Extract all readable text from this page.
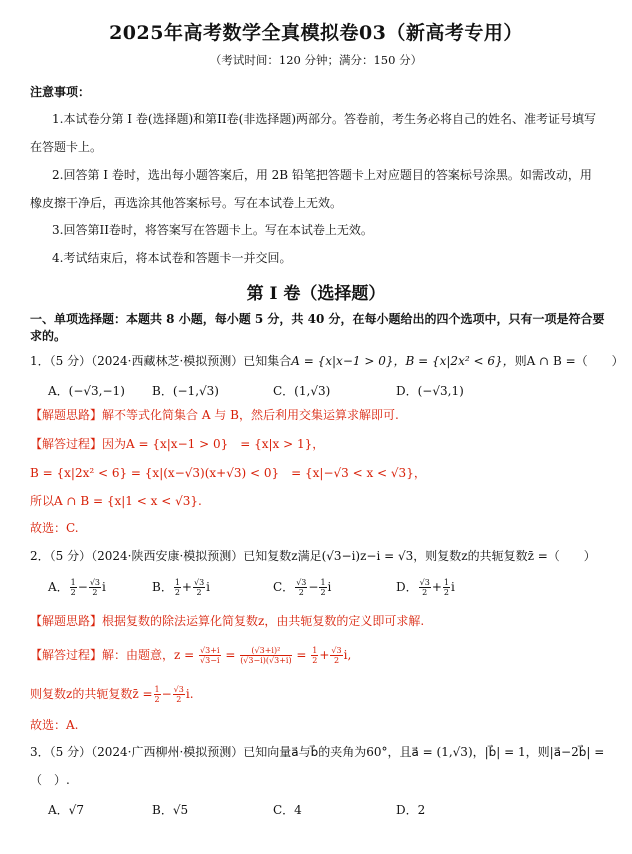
2025年高考数学全真模拟卷03（新高考专用）
（考试时间：120 分钟；满分：150 分）
注意事项：
1.本试卷分第 I 卷(选择题)和第II卷(非选择题)两部分。答卷前，考生务必将自己的姓名、准考证号填写
在答题卡上。
2.回答第 I 卷时，选出每小题答案后，用 2B 铅笔把答题卡上对应题目的答案标号涂黑。如需改动，用
橡皮擦干净后，再选涂其他答案标号。写在本试卷上无效。
3.回答第II卷时，将答案写在答题卡上。写在本试卷上无效。
4.考试结束后，将本试卷和答题卡一并交回。
第 I 卷（选择题）
一、单项选择题：本题共 8 小题，每小题 5 分，共 40 分，在每小题给出的四个选项中，只有一项是符合要
求的。
1．（5 分）（2024·西藏林芝·模拟预测）已知集合A = {x|x−1 > 0}，B = {x|2x² < 6}，则A ∩ B =（　　）
A．(−√3,−1) B．(−1,√3)	C．(1,√3)	D．(−√3,1)
【解题思路】解不等式化简集合 A 与 B，然后利用交集运算求解即可.
【解答过程】因为A = {x|x−1 > 0}　= {x|x > 1}，
B = {x|2x² < 6} = {x|(x−√3)(x+√3) < 0}　= {x|−√3 < x < √3}，
所以A ∩ B = {x|1 < x < √3}.
故选：C.
2．（5 分）（2024·陕西安康·模拟预测）已知复数z满足(√3−i)z−i = √3，则复数z的共轭复数z̄ =（　　）
A． $\frac{1}{2} - \frac{√3}{2}$ i	B． $\frac{1}{2} + \frac{√3}{2}$ i	C． $\frac{√3}{2} - \frac{1}{2}$ i	D． $\frac{√3}{2} + \frac{1}{2}$ i
【解题思路】根据复数的除法运算化简复数z，由共轭复数的定义即可求解.
【解答过程】解：由题意，$z = \frac{√3+i}{√3-i} = \frac{\text{(√3+i)²}}{(√3-i)(√3+i)} = \frac{1}{2} + \frac{√3}{2} i$,
则复数z的共轭复数z̄ = $\frac{1}{2} - \frac{√3}{2} i$.
故选：A.
3．（5 分）（2024·广西柳州·模拟预测）已知向量a⃗与b⃗的夹角为60°，且a⃗ = (1,√3)，|b⃗| = 1，则|a⃗−2b⃗| =
（　）.
A．√7	B．√5	C．4	D．2
